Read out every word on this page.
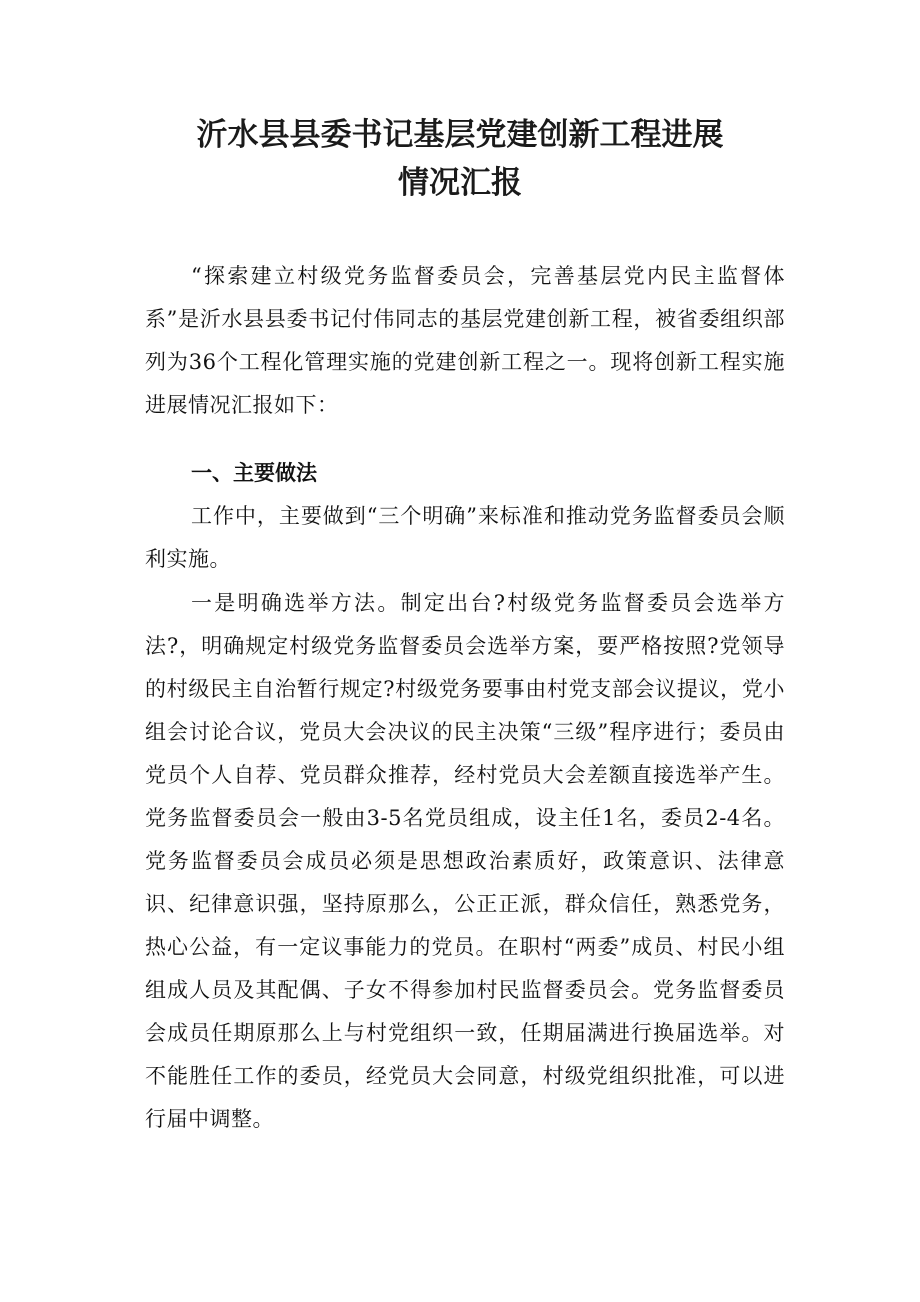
沂水县县委书记基层党建创新工程进展
情况汇报

“探索建立村级党务监督委员会，完善基层党内民主监督体系”是沂水县县委书记付伟同志的基层党建创新工程，被省委组织部列为36个工程化管理实施的党建创新工程之一。现将创新工程实施进展情况汇报如下：

一、主要做法

工作中，主要做到“三个明确”来标准和推动党务监督委员会顺利实施。

一是明确选举方法。制定出台?村级党务监督委员会选举方法?，明确规定村级党务监督委员会选举方案，要严格按照?党领导的村级民主自治暂行规定?村级党务要事由村党支部会议提议，党小组会讨论合议，党员大会决议的民主决策“三级”程序进行；委员由党员个人自荐、党员群众推荐，经村党员大会差额直接选举产生。党务监督委员会一般由3-5名党员组成，设主任1名，委员2-4名。党务监督委员会成员必须是思想政治素质好，政策意识、法律意识、纪律意识强，坚持原那么，公正正派，群众信任，熟悉党务，热心公益，有一定议事能力的党员。在职村“两委”成员、村民小组组成人员及其配偶、子女不得参加村民监督委员会。党务监督委员会成员任期原那么上与村党组织一致，任期届满进行换届选举。对不能胜任工作的委员，经党员大会同意，村级党组织批准，可以进行届中调整。
